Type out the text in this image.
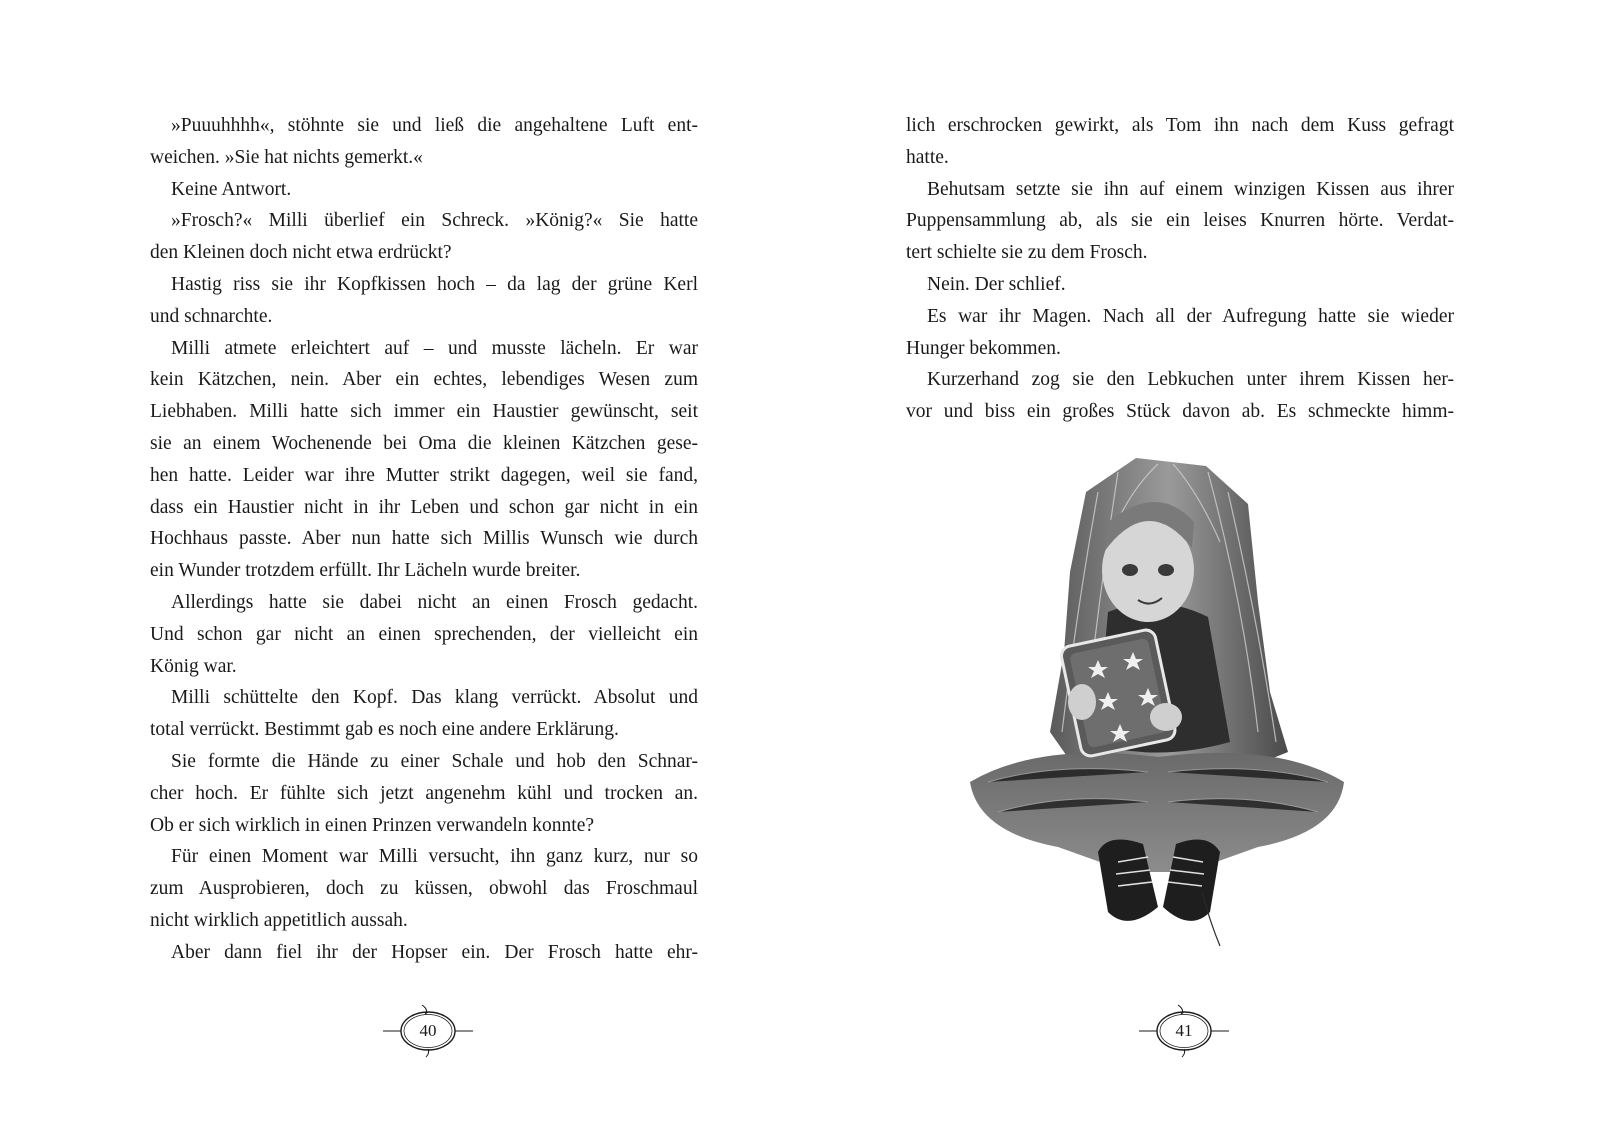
»Puuuhhhh«, stöhnte sie und ließ die angehaltene Luft ent-
weichen. »Sie hat nichts gemerkt.«
Keine Antwort.
»Frosch?« Milli überlief ein Schreck. »König?« Sie hatte
den Kleinen doch nicht etwa erdrückt?
Hastig riss sie ihr Kopfkissen hoch – da lag der grüne Kerl
und schnarchte.
Milli atmete erleichtert auf – und musste lächeln. Er war
kein Kätzchen, nein. Aber ein echtes, lebendiges Wesen zum
Liebhaben. Milli hatte sich immer ein Haustier gewünscht, seit
sie an einem Wochenende bei Oma die kleinen Kätzchen gese-
hen hatte. Leider war ihre Mutter strikt dagegen, weil sie fand,
dass ein Haustier nicht in ihr Leben und schon gar nicht in ein
Hochhaus passte. Aber nun hatte sich Millis Wunsch wie durch
ein Wunder trotzdem erfüllt. Ihr Lächeln wurde breiter.
Allerdings hatte sie dabei nicht an einen Frosch gedacht.
Und schon gar nicht an einen sprechenden, der vielleicht ein
König war.
Milli schüttelte den Kopf. Das klang verrückt. Absolut und
total verrückt. Bestimmt gab es noch eine andere Erklärung.
Sie formte die Hände zu einer Schale und hob den Schnar-
cher hoch. Er fühlte sich jetzt angenehm kühl und trocken an.
Ob er sich wirklich in einen Prinzen verwandeln konnte?
Für einen Moment war Milli versucht, ihn ganz kurz, nur so
zum Ausprobieren, doch zu küssen, obwohl das Froschmaul
nicht wirklich appetitlich aussah.
Aber dann fiel ihr der Hopser ein. Der Frosch hatte ehr-
40
lich erschrocken gewirkt, als Tom ihn nach dem Kuss gefragt
hatte.
Behutsam setzte sie ihn auf einem winzigen Kissen aus ihrer
Puppensammlung ab, als sie ein leises Knurren hörte. Verdat-
tert schielte sie zu dem Frosch.
Nein. Der schlief.
Es war ihr Magen. Nach all der Aufregung hatte sie wieder
Hunger bekommen.
Kurzerhand zog sie den Lebkuchen unter ihrem Kissen her-
vor und biss ein großes Stück davon ab. Es schmeckte himm-
41
